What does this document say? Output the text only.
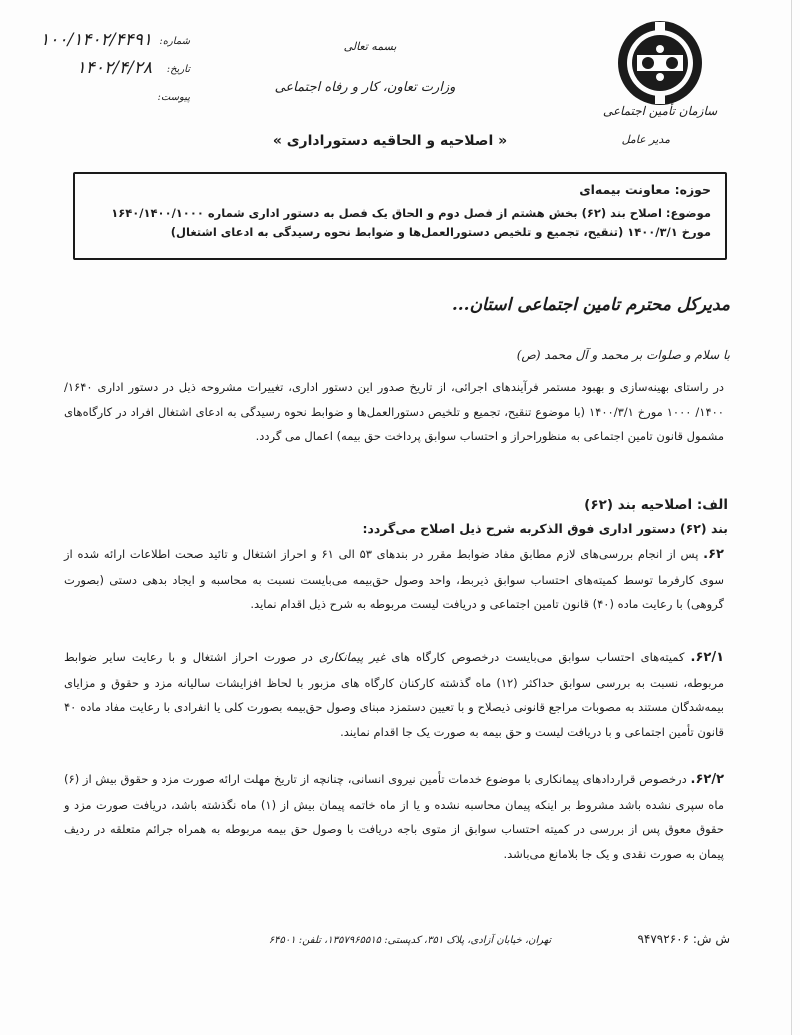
سازمان تأمین اجتماعی
مدیر عامل
بسمه تعالی
وزارت تعاون، کار و رفاه اجتماعی
« اصلاحیه و الحاقیه دستوراداری »
شماره:
۱۰۰/۱۴۰۲/۴۴۹۱
تاریخ:
۱۴۰۲/۴/۲۸
پیوست:
حوزه: معاونت بیمه‌ای
موضوع: اصلاح بند (۶۲) بخش هشتم از فصل دوم و الحاق یک فصل به دستور اداری شماره ۱۶۴۰/۱۴۰۰/۱۰۰۰ مورخ ۱۴۰۰/۳/۱ (تنقیح، تجمیع و تلخیص دستورالعمل‌ها و ضوابط نحوه رسیدگی به ادعای اشتغال)
مدیرکل محترم تامین اجتماعی استان...
با سلام و صلوات بر محمد و آل محمد (ص)
در راستای بهینه‌سازی و بهبود مستمر فرآیندهای اجرائی، از تاریخ صدور این دستور اداری، تغییرات مشروحه ذیل در دستور اداری ۱۶۴۰/ ۱۴۰۰/ ۱۰۰۰ مورخ ۱۴۰۰/۳/۱ (با موضوع تنقیح، تجمیع و تلخیص دستورالعمل‌ها و ضوابط نحوه رسیدگی به ادعای اشتغال افراد در کارگاه‌های مشمول قانون تامین اجتماعی به منظوراحراز و احتساب سوابق پرداخت حق بیمه) اعمال می گردد.
الف: اصلاحیه بند (۶۲)
بند (۶۲) دستور اداری فوق الذکربه شرح ذیل اصلاح می‌گردد:
۶۲. پس از انجام بررسی‌های لازم مطابق مفاد ضوابط مقرر در بندهای ۵۳ الی ۶۱ و احراز اشتغال و تائید صحت اطلاعات ارائه شده از سوی کارفرما توسط کمیته‌های احتساب سوابق ذیربط، واحد وصول حق‌بیمه می‌بایست نسبت به محاسبه و ایجاد بدهی دستی (بصورت گروهی) با رعایت ماده (۴۰) قانون تامین اجتماعی و دریافت لیست مربوطه به شرح ذیل اقدام نماید.
۶۲/۱. کمیته‌های احتساب سوابق می‌بایست درخصوص کارگاه های غیر پیمانکاری در صورت احراز اشتغال و با رعایت سایر ضوابط مربوطه، نسبت به بررسی سوابق حداکثر (۱۲) ماه گذشته کارکنان کارگاه های مزبور با لحاظ افزایشات سالیانه مزد و حقوق و مزایای بیمه‌شدگان مستند به مصوبات مراجع قانونی ذیصلاح و با تعیین دستمزد مبنای وصول حق‌بیمه بصورت کلی یا انفرادی با رعایت مفاد ماده ۴۰ قانون تأمین اجتماعی و با دریافت لیست و حق بیمه به صورت یک جا اقدام نمایند.
۶۲/۲. درخصوص قراردادهای پیمانکاری با موضوع خدمات تأمین نیروی انسانی، چنانچه از تاریخ مهلت ارائه صورت مزد و حقوق بیش از (۶) ماه سپری نشده باشد مشروط بر اینکه پیمان محاسبه نشده و یا از ماه خاتمه پیمان بیش از (۱) ماه نگذشته باشد، دریافت صورت مزد و حقوق معوق پس از بررسی در کمیته احتساب سوابق از متوی باجه دریافت با وصول حق بیمه مربوطه به همراه جرائم متعلقه در ردیف پیمان به صورت نقدی و یک جا بلامانع می‌باشد.
تهران، خیابان آزادی، پلاک ۳۵۱، کدپستی: ۱۳۵۷۹۶۵۵۱۵، تلفن: ۶۴۵۰۱	ش ش: ۹۴۷۹۲۶۰۶
